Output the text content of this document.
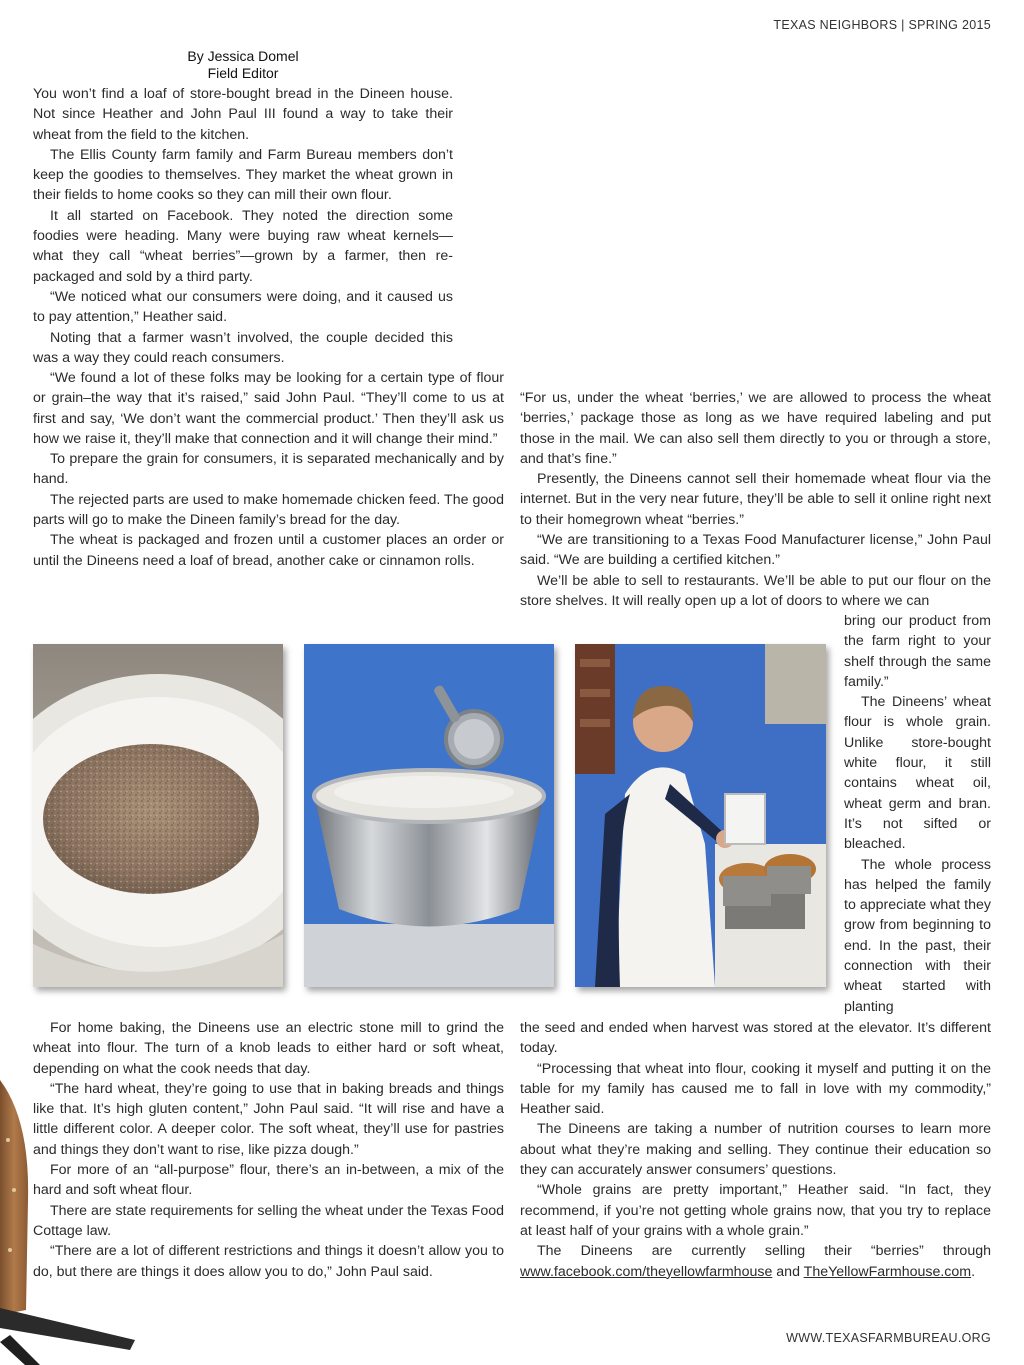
TEXAS NEIGHBORS | SPRING 2015
By Jessica Domel
Field Editor

You won’t find a loaf of store-bought bread in the Dineen house. Not since Heather and John Paul III found a way to take their wheat from the field to the kitchen.

The Ellis County farm family and Farm Bureau members don’t keep the goodies to themselves. They market the wheat grown in their fields to home cooks so they can mill their own flour.

It all started on Facebook. They noted the direction some foodies were heading. Many were buying raw wheat kernels—what they call “wheat berries”—grown by a farmer, then re-packaged and sold by a third party.

“We noticed what our consumers were doing, and it caused us to pay attention,” Heather said.

Noting that a farmer wasn’t involved, the couple decided this was a way they could reach consumers.

“We found a lot of these folks may be looking for a certain type of flour or grain–the way that it’s raised,” said John Paul. “They’ll come to us at first and say, ‘We don’t want the commercial product.’ Then they’ll ask us how we raise it, they’ll make that connection and it will change their mind.”

To prepare the grain for consumers, it is separated mechanically and by hand.

The rejected parts are used to make homemade chicken feed. The good parts will go to make the Dineen family’s bread for the day.

The wheat is packaged and frozen until a customer places an order or until the Dineens need a loaf of bread, another cake or cinnamon rolls.

“For us, under the wheat ‘berries,’ we are allowed to process the wheat ‘berries,’ package those as long as we have required labeling and put those in the mail. We can also sell them directly to you or through a store, and that’s fine.”

Presently, the Dineens cannot sell their homemade wheat flour via the internet. But in the very near future, they’ll be able to sell it online right next to their homegrown wheat “berries.”

“We are transitioning to a Texas Food Manufacturer license,” John Paul said. “We are building a certified kitchen.”

We’ll be able to sell to restaurants. We’ll be able to put our flour on the store shelves. It will really open up a lot of doors to where we can

bring our product from the farm right to your shelf through the same family.”

The Dineens’ wheat flour is whole grain. Unlike store-bought white flour, it still contains wheat oil, wheat germ and bran. It’s not sifted or bleached.

The whole process has helped the family to appreciate what they grow from beginning to end. In the past, their connection with their wheat started with planting

For home baking, the Dineens use an electric stone mill to grind the wheat into flour. The turn of a knob leads to either hard or soft wheat, depending on what the cook needs that day.

“The hard wheat, they’re going to use that in baking breads and things like that. It’s high gluten content,” John Paul said. “It will rise and have a little different color. A deeper color. The soft wheat, they’ll use for pastries and things they don’t want to rise, like pizza dough.”

For more of an “all-purpose” flour, there’s an in-between, a mix of the hard and soft wheat flour.

There are state requirements for selling the wheat under the Texas Food Cottage law.

“There are a lot of different restrictions and things it doesn’t allow you to do, but there are things it does allow you to do,” John Paul said.

the seed and ended when harvest was stored at the elevator. It’s different today.

“Processing that wheat into flour, cooking it myself and putting it on the table for my family has caused me to fall in love with my commodity,” Heather said.

The Dineens are taking a number of nutrition courses to learn more about what they’re making and selling. They continue their education so they can accurately answer consumers’ questions.

“Whole grains are pretty important,” Heather said. “In fact, they recommend, if you’re not getting whole grains now, that you try to replace at least half of your grains with a whole grain.”

The Dineens are currently selling their “berries” through www.facebook.com/theyellowfarmhouse and TheYellowFarmhouse.com.

WWW.TEXASFARMBUREAU.ORG
